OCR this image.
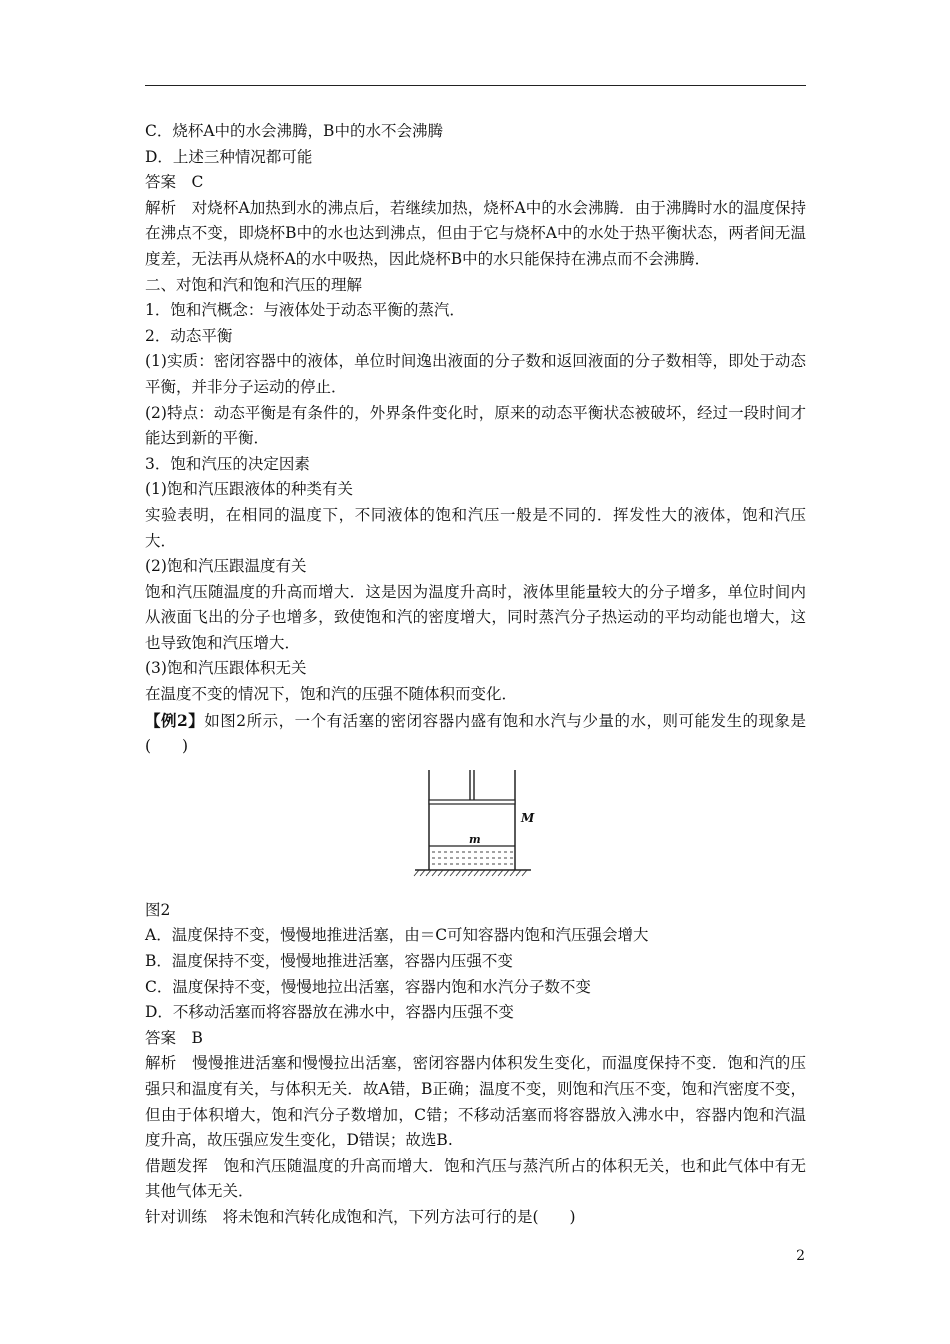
C．烧杯A中的水会沸腾，B中的水不会沸腾

D．上述三种情况都可能

答案　C

解析　对烧杯A加热到水的沸点后，若继续加热，烧杯A中的水会沸腾．由于沸腾时水的温度保持在沸点不变，即烧杯B中的水也达到沸点，但由于它与烧杯A中的水处于热平衡状态，两者间无温度差，无法再从烧杯A的水中吸热，因此烧杯B中的水只能保持在沸点而不会沸腾．

二、对饱和汽和饱和汽压的理解

1．饱和汽概念：与液体处于动态平衡的蒸汽．

2．动态平衡

(1)实质：密闭容器中的液体，单位时间逸出液面的分子数和返回液面的分子数相等，即处于动态平衡，并非分子运动的停止．

(2)特点：动态平衡是有条件的，外界条件变化时，原来的动态平衡状态被破坏，经过一段时间才能达到新的平衡．

3．饱和汽压的决定因素

(1)饱和汽压跟液体的种类有关

实验表明，在相同的温度下，不同液体的饱和汽压一般是不同的．挥发性大的液体，饱和汽压大．

(2)饱和汽压跟温度有关

饱和汽压随温度的升高而增大．这是因为温度升高时，液体里能量较大的分子增多，单位时间内从液面飞出的分子也增多，致使饱和汽的密度增大，同时蒸汽分子热运动的平均动能也增大，这也导致饱和汽压增大．

(3)饱和汽压跟体积无关

在温度不变的情况下，饱和汽的压强不随体积而变化．

【例2】如图2所示，一个有活塞的密闭容器内盛有饱和水汽与少量的水，则可能发生的现象是(　　)

M
m

图2

A．温度保持不变，慢慢地推进活塞，由＝C可知容器内饱和汽压强会增大

B．温度保持不变，慢慢地推进活塞，容器内压强不变

C．温度保持不变，慢慢地拉出活塞，容器内饱和水汽分子数不变

D．不移动活塞而将容器放在沸水中，容器内压强不变

答案　B

解析　慢慢推进活塞和慢慢拉出活塞，密闭容器内体积发生变化，而温度保持不变．饱和汽的压强只和温度有关，与体积无关．故A错，B正确；温度不变，则饱和汽压不变，饱和汽密度不变，但由于体积增大，饱和汽分子数增加，C错；不移动活塞而将容器放入沸水中，容器内饱和汽温度升高，故压强应发生变化，D错误；故选B.

借题发挥　饱和汽压随温度的升高而增大．饱和汽压与蒸汽所占的体积无关，也和此气体中有无其他气体无关．

针对训练　将未饱和汽转化成饱和汽，下列方法可行的是(　　)

2
